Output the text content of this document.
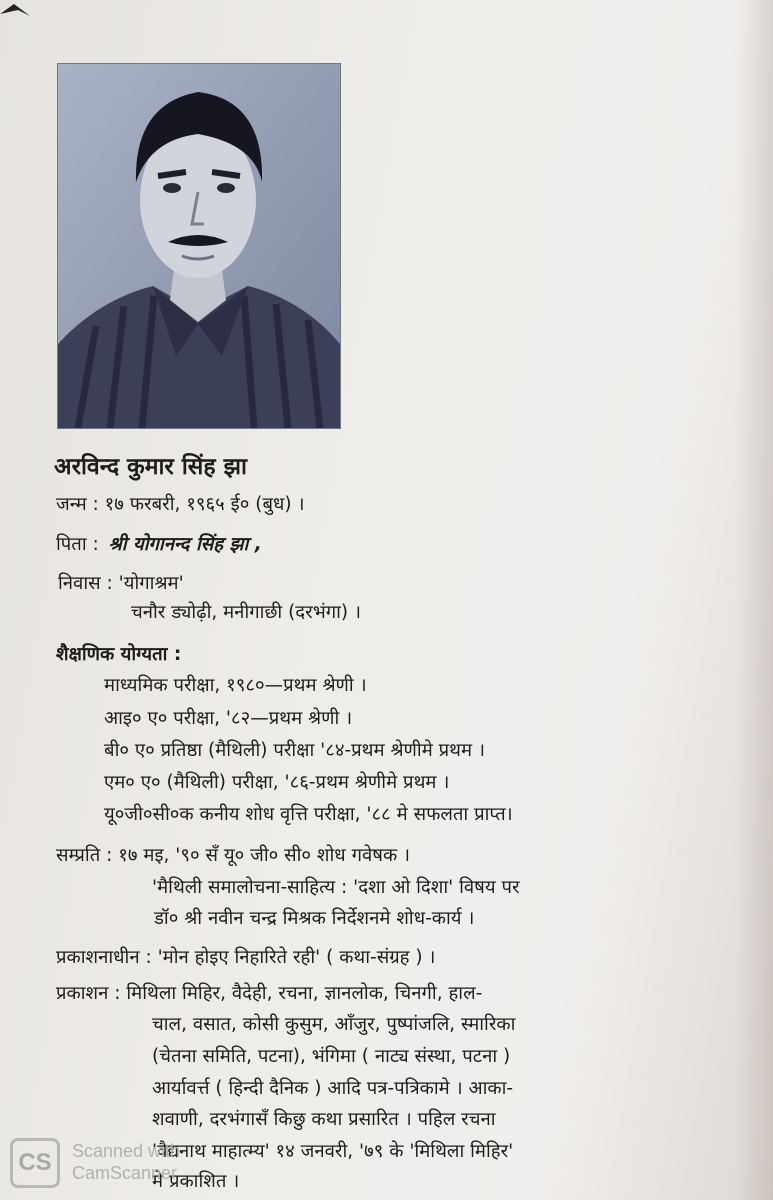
अरविन्द कुमार सिंह झा
जन्म : १७ फरबरी, १९६५ ई० (बुध) ।
पिता : श्री योगानन्द सिंह झा ,
निवास : 'योगाश्रम'
चनौर ड्योढ़ी, मनीगाछी (दरभंगा) ।
शैक्षणिक योग्यता :
माध्यमिक परीक्षा, १९८०—प्रथम श्रेणी ।
आइ० ए० परीक्षा, '८२—प्रथम श्रेणी ।
बी० ए० प्रतिष्ठा (मैथिली) परीक्षा '८४-प्रथम श्रेणीमे प्रथम ।
एम० ए० (मैथिली) परीक्षा, '८६-प्रथम श्रेणीमे प्रथम ।
यू०जी०सी०क कनीय शोध वृत्ति परीक्षा, '८८ मे सफलता प्राप्त।
सम्प्रति : १७ मइ, '९० सँ यू० जी० सी० शोध गवेषक ।
'मैथिली समालोचना-साहित्य : 'दशा ओ दिशा' विषय पर
डॉ० श्री नवीन चन्द्र मिश्रक निर्देशनमे शोध-कार्य ।
प्रकाशनाधीन : 'मोन होइए निहारिते रही' ( कथा-संग्रह ) ।
प्रकाशन : मिथिला मिहिर, वैदेही, रचना, ज्ञानलोक, चिनगी, हाल-
चाल, वसात, कोसी कुसुम, आँजुर, पुष्पांजलि, स्मारिका
(चेतना समिति, पटना), भंगिमा ( नाट्य संस्था, पटना )
आर्यावर्त्त ( हिन्दी दैनिक ) आदि पत्र-पत्रिकामे । आका-
शवाणी, दरभंगासँ किछु कथा प्रसारित । पहिल रचना
'वैद्यनाथ माहात्म्य' १४ जनवरी, '७९ के 'मिथिला मिहिर'
मे प्रकाशित ।
CS	Scanned with
CamScanner
